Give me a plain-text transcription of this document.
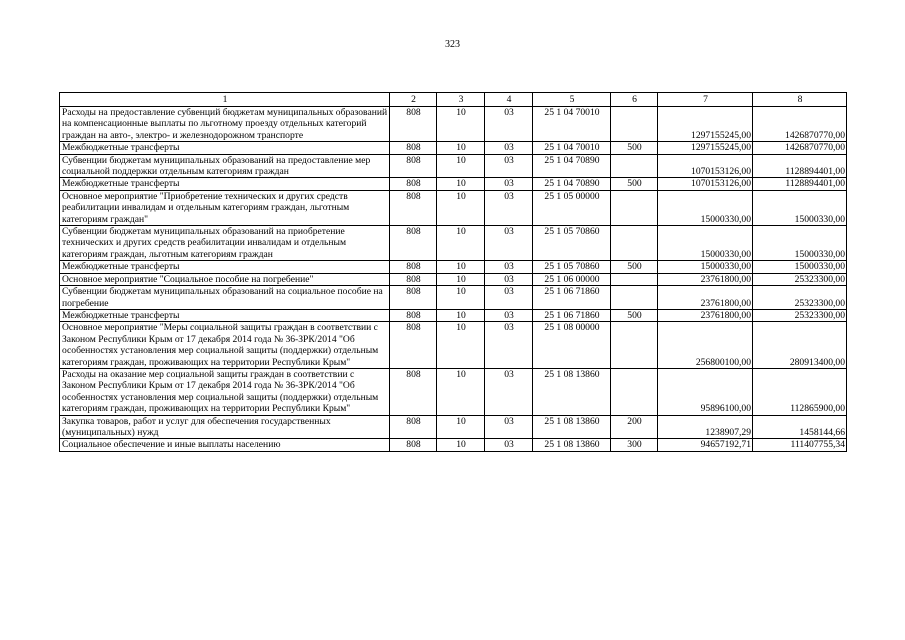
323
1	2	3	4	5	6	7	8
Расходы на предоставление субвенций бюджетам муниципальных образований на компенсационные выплаты по льготному проезду отдельных категорий граждан на авто-, электро- и железнодорожном транспорте	808	10	03	25 1 04 70010		1297155245,00	1426870770,00
Межбюджетные трансферты	808	10	03	25 1 04 70010	500	1297155245,00	1426870770,00
Субвенции бюджетам муниципальных образований на предоставление мер социальной поддержки отдельным категориям граждан	808	10	03	25 1 04 70890		1070153126,00	1128894401,00
Межбюджетные трансферты	808	10	03	25 1 04 70890	500	1070153126,00	1128894401,00
Основное мероприятие "Приобретение технических и других средств реабилитации инвалидам и отдельным категориям граждан, льготным категориям граждан"	808	10	03	25 1 05 00000		15000330,00	15000330,00
Субвенции бюджетам муниципальных образований на приобретение технических и других средств реабилитации инвалидам и отдельным категориям граждан, льготным категориям граждан	808	10	03	25 1 05 70860		15000330,00	15000330,00
Межбюджетные трансферты	808	10	03	25 1 05 70860	500	15000330,00	15000330,00
Основное мероприятие "Социальное пособие на погребение"	808	10	03	25 1 06 00000		23761800,00	25323300,00
Субвенции бюджетам муниципальных образований на социальное пособие на погребение	808	10	03	25 1 06 71860		23761800,00	25323300,00
Межбюджетные трансферты	808	10	03	25 1 06 71860	500	23761800,00	25323300,00
Основное мероприятие "Меры социальной защиты граждан в соответствии с Законом Республики Крым от 17 декабря 2014 года № 36-ЗРК/2014 "Об особенностях установления мер социальной защиты (поддержки) отдельным категориям граждан, проживающих на территории Республики Крым"	808	10	03	25 1 08 00000		256800100,00	280913400,00
Расходы на оказание мер социальной защиты граждан в соответствии с Законом Республики Крым от 17 декабря 2014 года № 36-ЗРК/2014 "Об особенностях установления мер социальной защиты (поддержки) отдельным категориям граждан, проживающих на территории Республики Крым"	808	10	03	25 1 08 13860		95896100,00	112865900,00
Закупка товаров, работ и услуг для обеспечения государственных (муниципальных) нужд	808	10	03	25 1 08 13860	200	1238907,29	1458144,66
Социальное обеспечение и иные выплаты населению	808	10	03	25 1 08 13860	300	94657192,71	111407755,34
